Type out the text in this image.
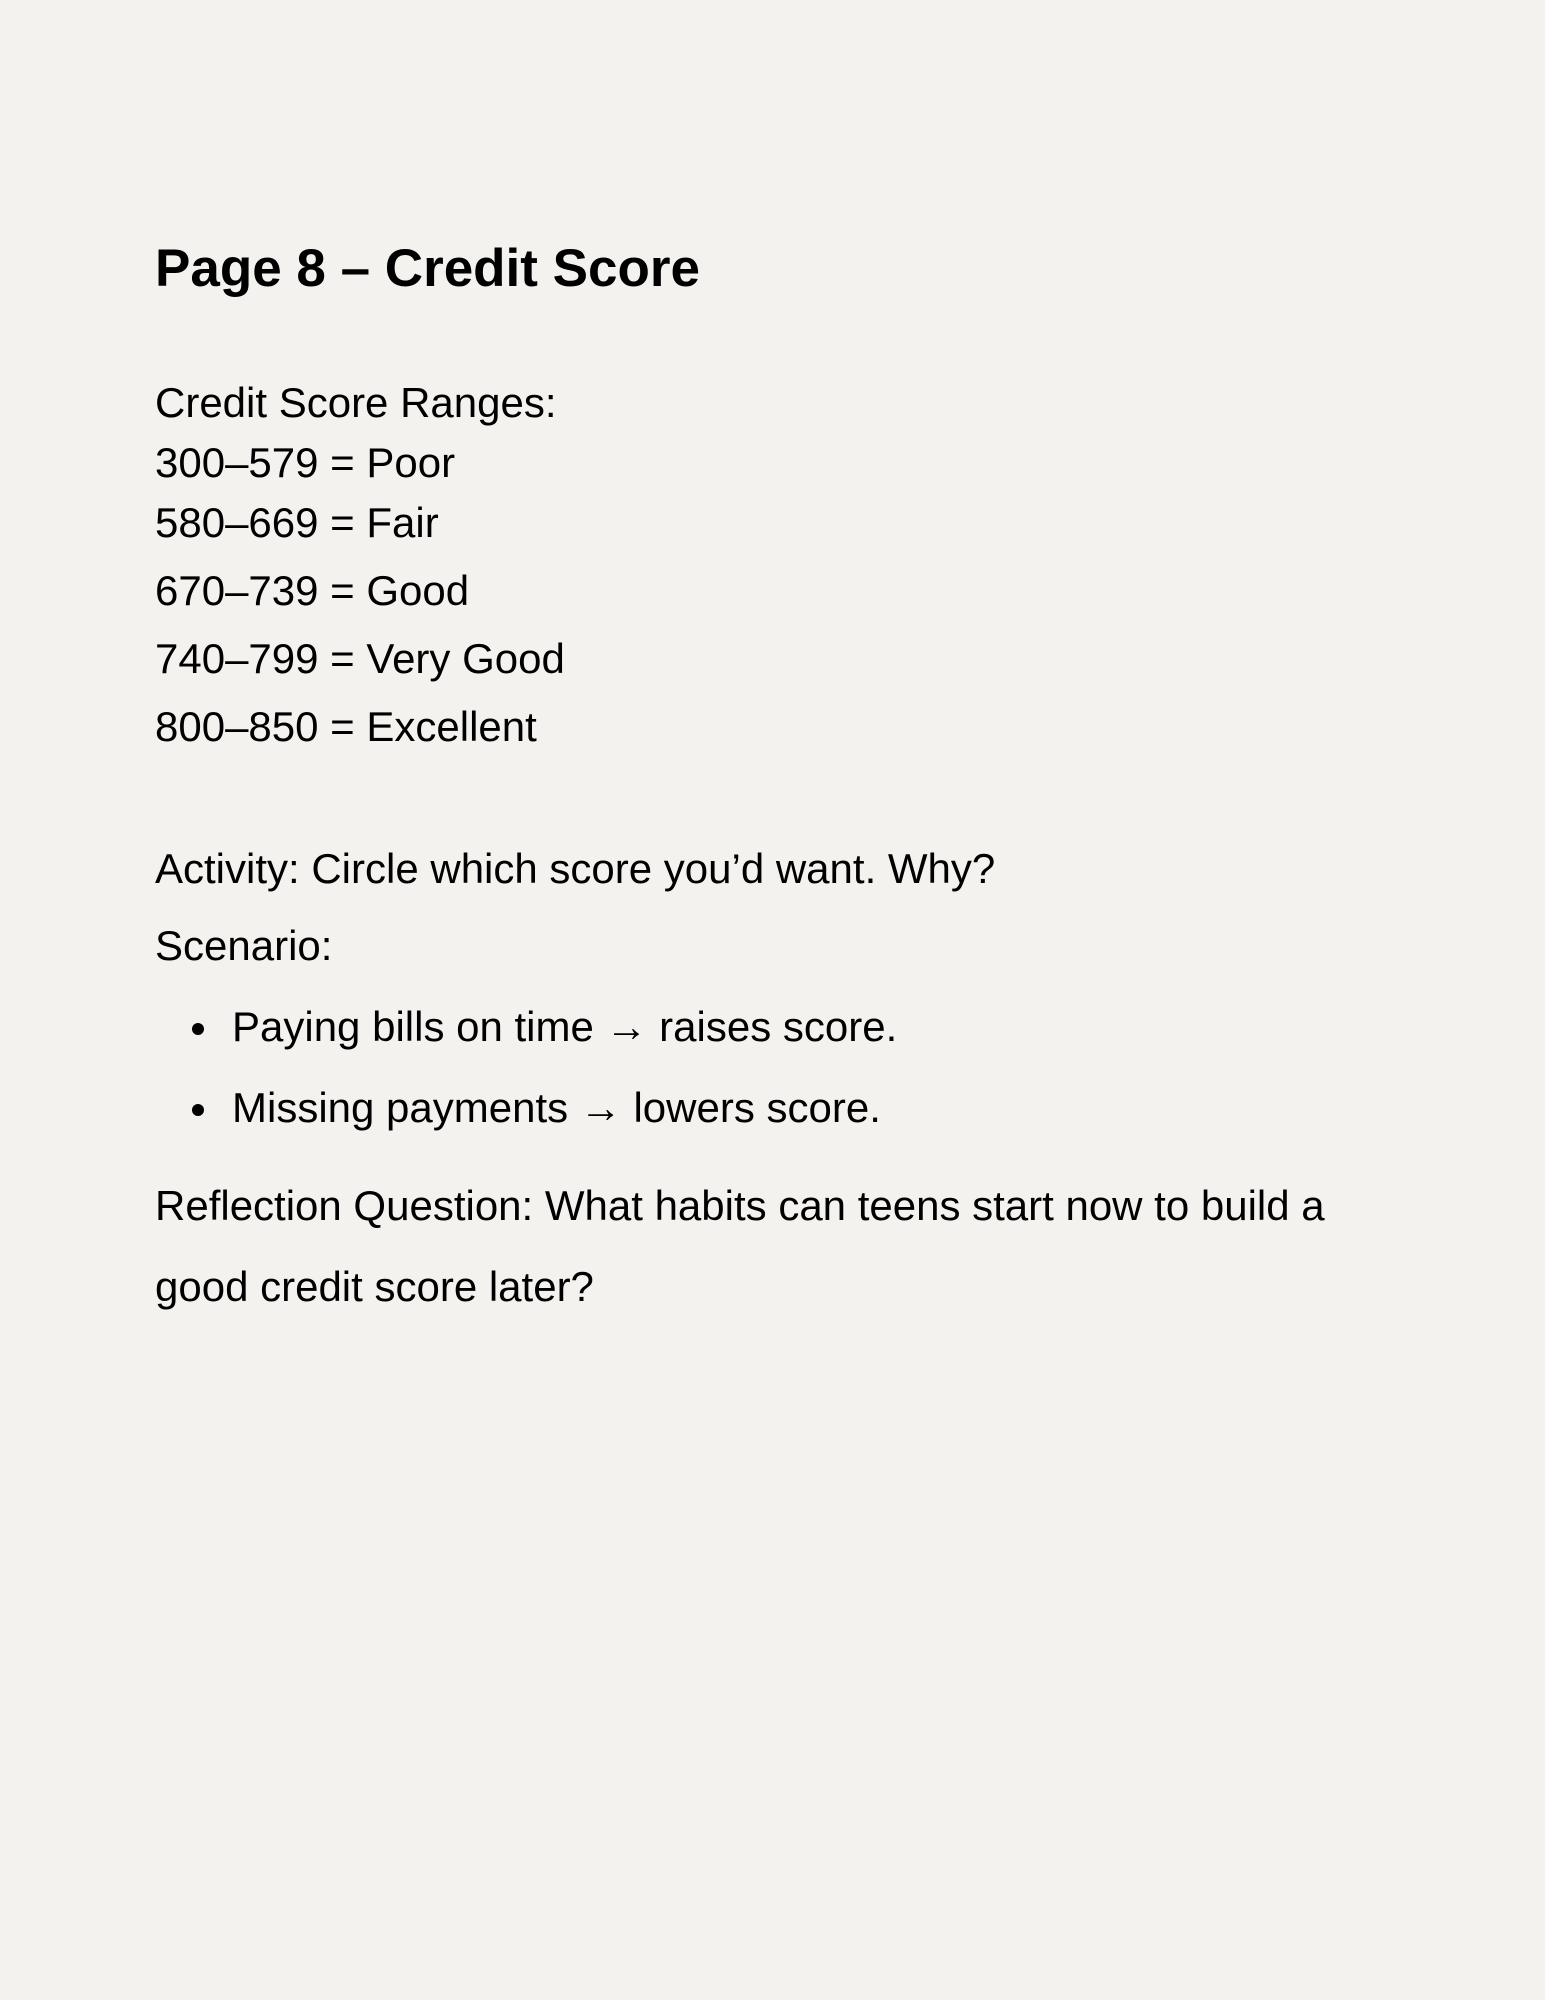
Page 8 – Credit Score

Credit Score Ranges:

300–579 = Poor

580–669 = Fair

670–739 = Good

740–799 = Very Good

800–850 = Excellent

Activity: Circle which score you’d want. Why?

Scenario:

Paying bills on time → raises score.
Missing payments → lowers score.

Reflection Question: What habits can teens start now to build a good credit score later?
